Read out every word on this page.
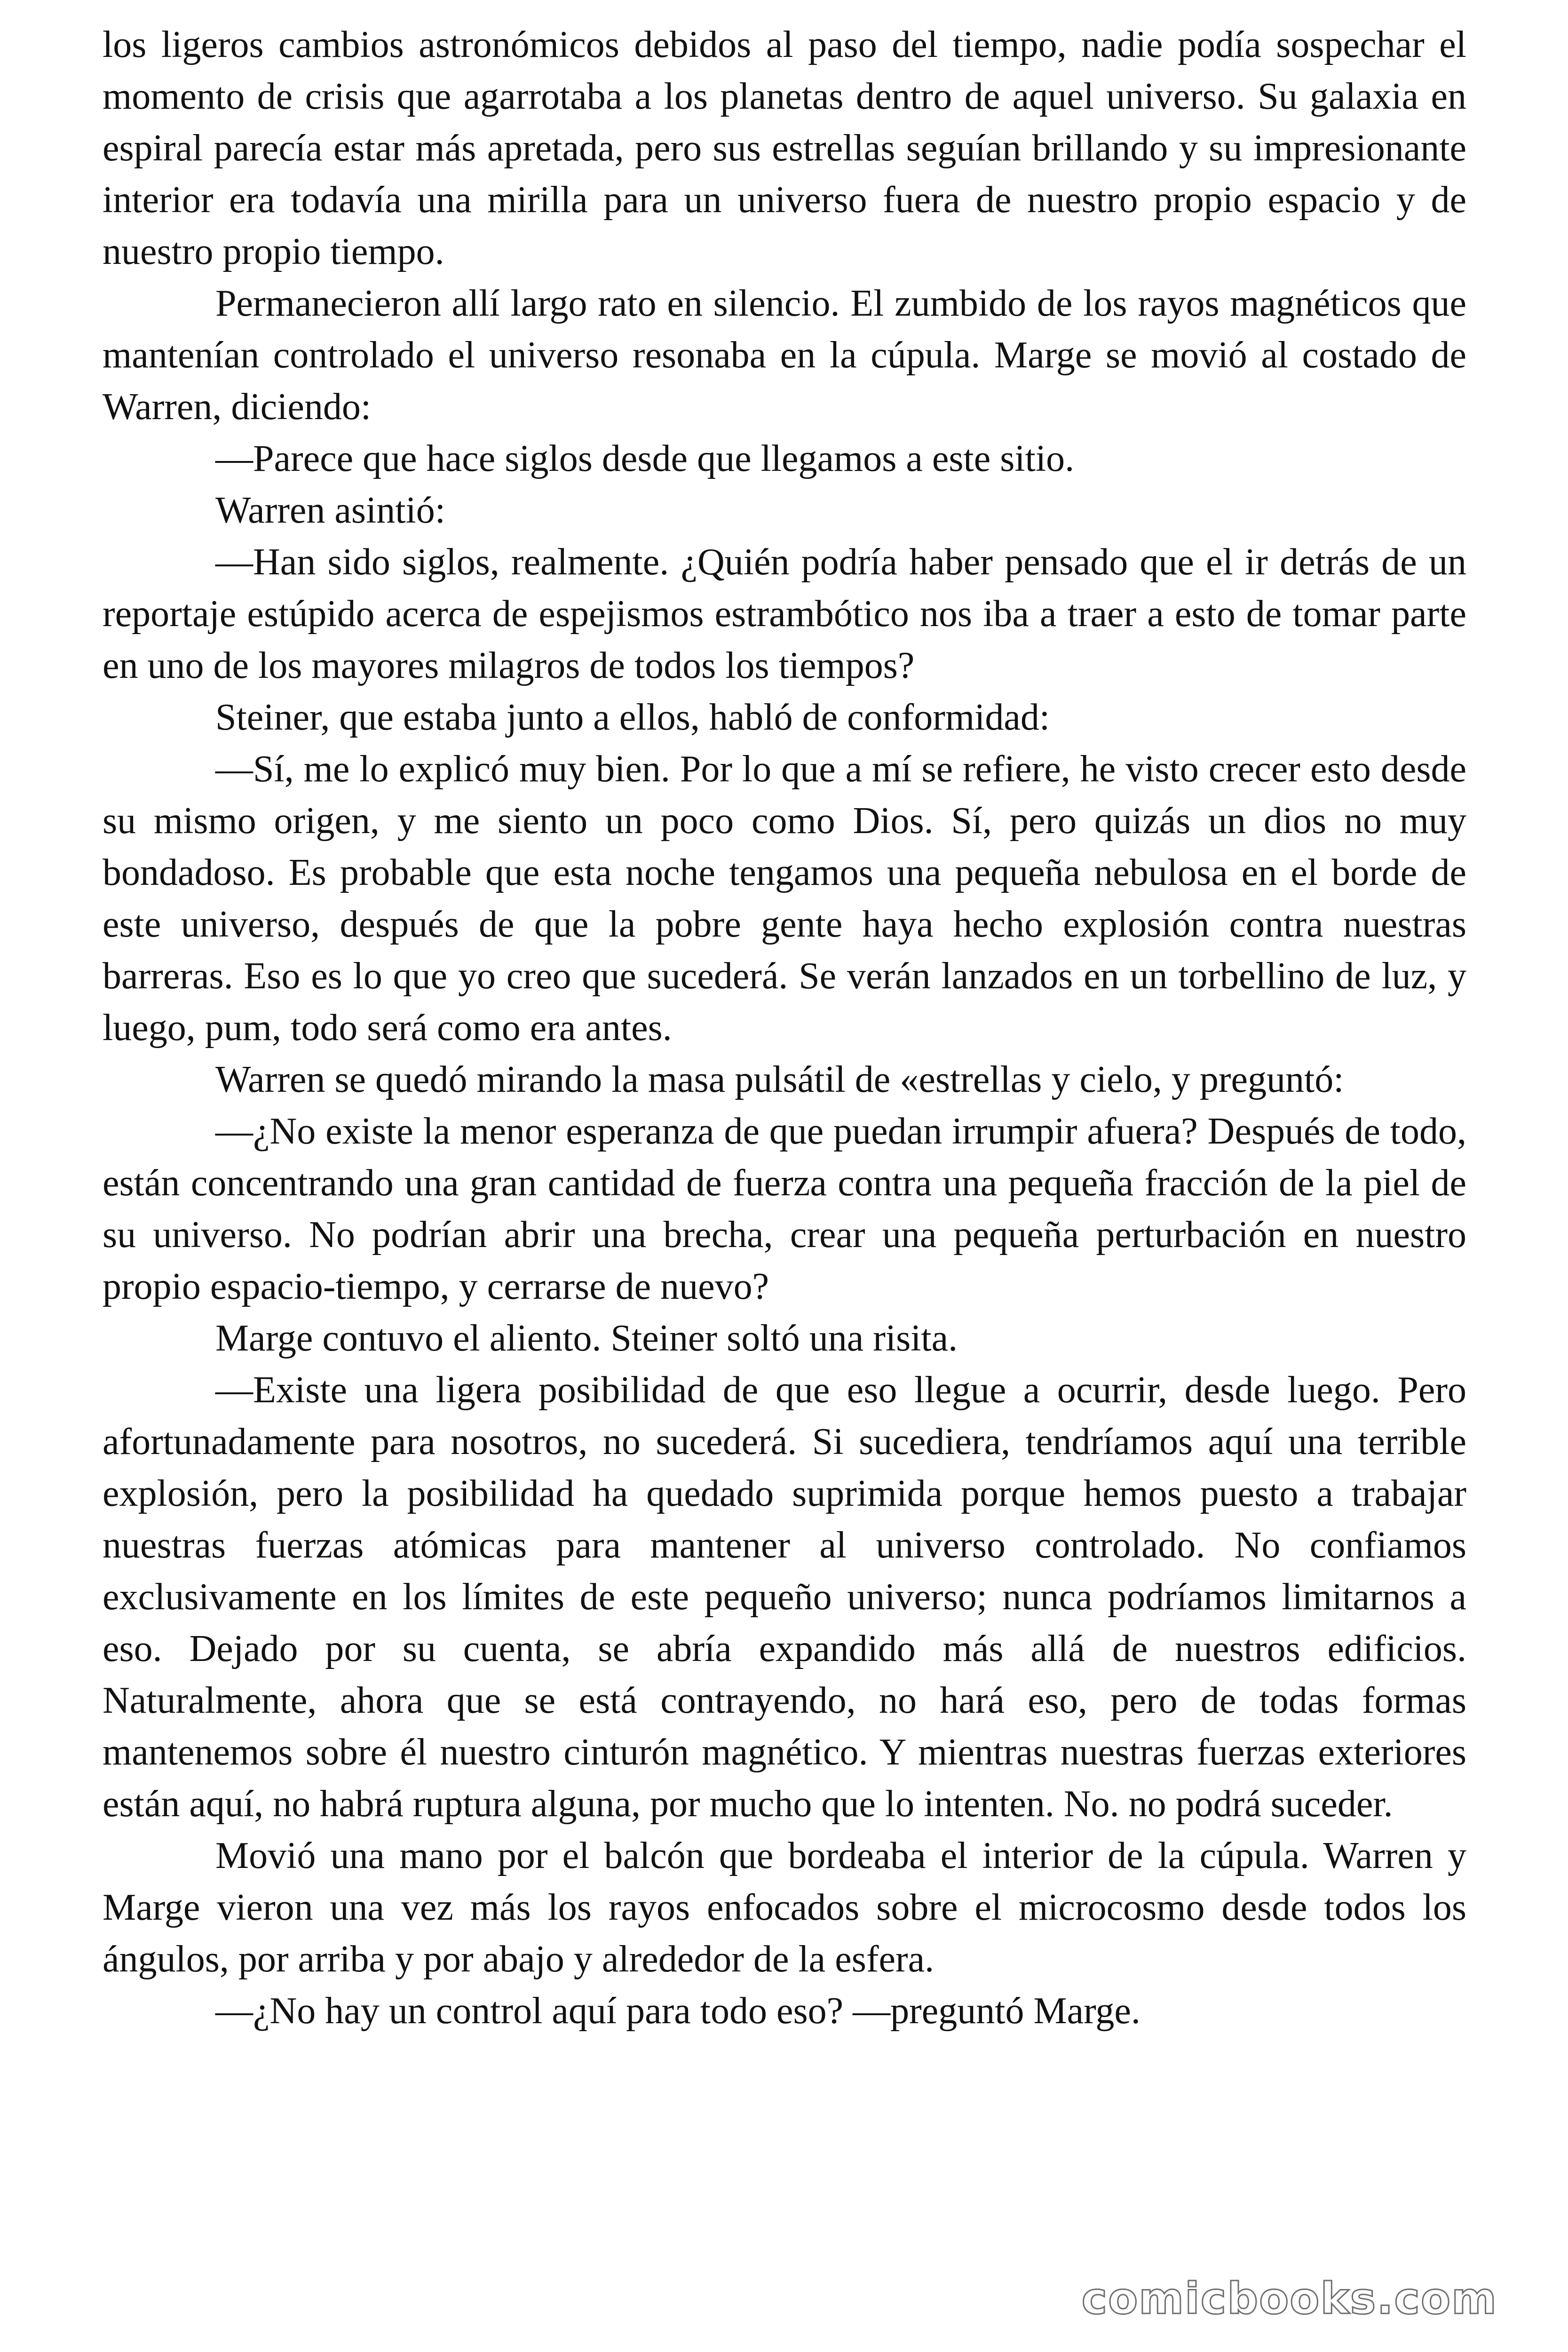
los ligeros cambios astronómicos debidos al paso del tiempo, nadie podía sospechar el momento de crisis que agarrotaba a los planetas dentro de aquel universo. Su galaxia en espiral parecía estar más apretada, pero sus estrellas seguían brillando y su impresionante interior era todavía una mirilla para un universo fuera de nuestro propio espacio y de nuestro propio tiempo.

Permanecieron allí largo rato en silencio. El zumbido de los rayos magnéticos que mantenían controlado el universo resonaba en la cúpula. Marge se movió al costado de Warren, diciendo:

—Parece que hace siglos desde que llegamos a este sitio.

Warren asintió:

—Han sido siglos, realmente. ¿Quién podría haber pensado que el ir detrás de un reportaje estúpido acerca de espejismos estrambótico nos iba a traer a esto de tomar parte en uno de los mayores milagros de todos los tiempos?

Steiner, que estaba junto a ellos, habló de conformidad:

—Sí, me lo explicó muy bien. Por lo que a mí se refiere, he visto crecer esto desde su mismo origen, y me siento un poco como Dios. Sí, pero quizás un dios no muy bondadoso. Es probable que esta noche tengamos una pequeña nebulosa en el borde de este universo, después de que la pobre gente haya hecho explosión contra nuestras barreras. Eso es lo que yo creo que sucederá. Se verán lanzados en un torbellino de luz, y luego, pum, todo será como era antes.

Warren se quedó mirando la masa pulsátil de «estrellas y cielo, y preguntó:

—¿No existe la menor esperanza de que puedan irrumpir afuera? Después de todo, están concentrando una gran cantidad de fuerza contra una pequeña fracción de la piel de su universo. No podrían abrir una brecha, crear una pequeña perturbación en nuestro propio espacio-tiempo, y cerrarse de nuevo?

Marge contuvo el aliento. Steiner soltó una risita.

—Existe una ligera posibilidad de que eso llegue a ocurrir, desde luego. Pero afortunadamente para nosotros, no sucederá. Si sucediera, tendríamos aquí una terrible explosión, pero la posibilidad ha quedado suprimida porque hemos puesto a trabajar nuestras fuerzas atómicas para mantener al universo controlado. No confiamos exclusivamente en los límites de este pequeño universo; nunca podríamos limitarnos a eso. Dejado por su cuenta, se abría expandido más allá de nuestros edificios. Naturalmente, ahora que se está contrayendo, no hará eso, pero de todas formas mantenemos sobre él nuestro cinturón magnético. Y mientras nuestras fuerzas exteriores están aquí, no habrá ruptura alguna, por mucho que lo intenten. No. no podrá suceder.

Movió una mano por el balcón que bordeaba el interior de la cúpula. Warren y Marge vieron una vez más los rayos enfocados sobre el microcosmo desde todos los ángulos, por arriba y por abajo y alrededor de la esfera.

—¿No hay un control aquí para todo eso? —preguntó Marge.

comicbooks.com
